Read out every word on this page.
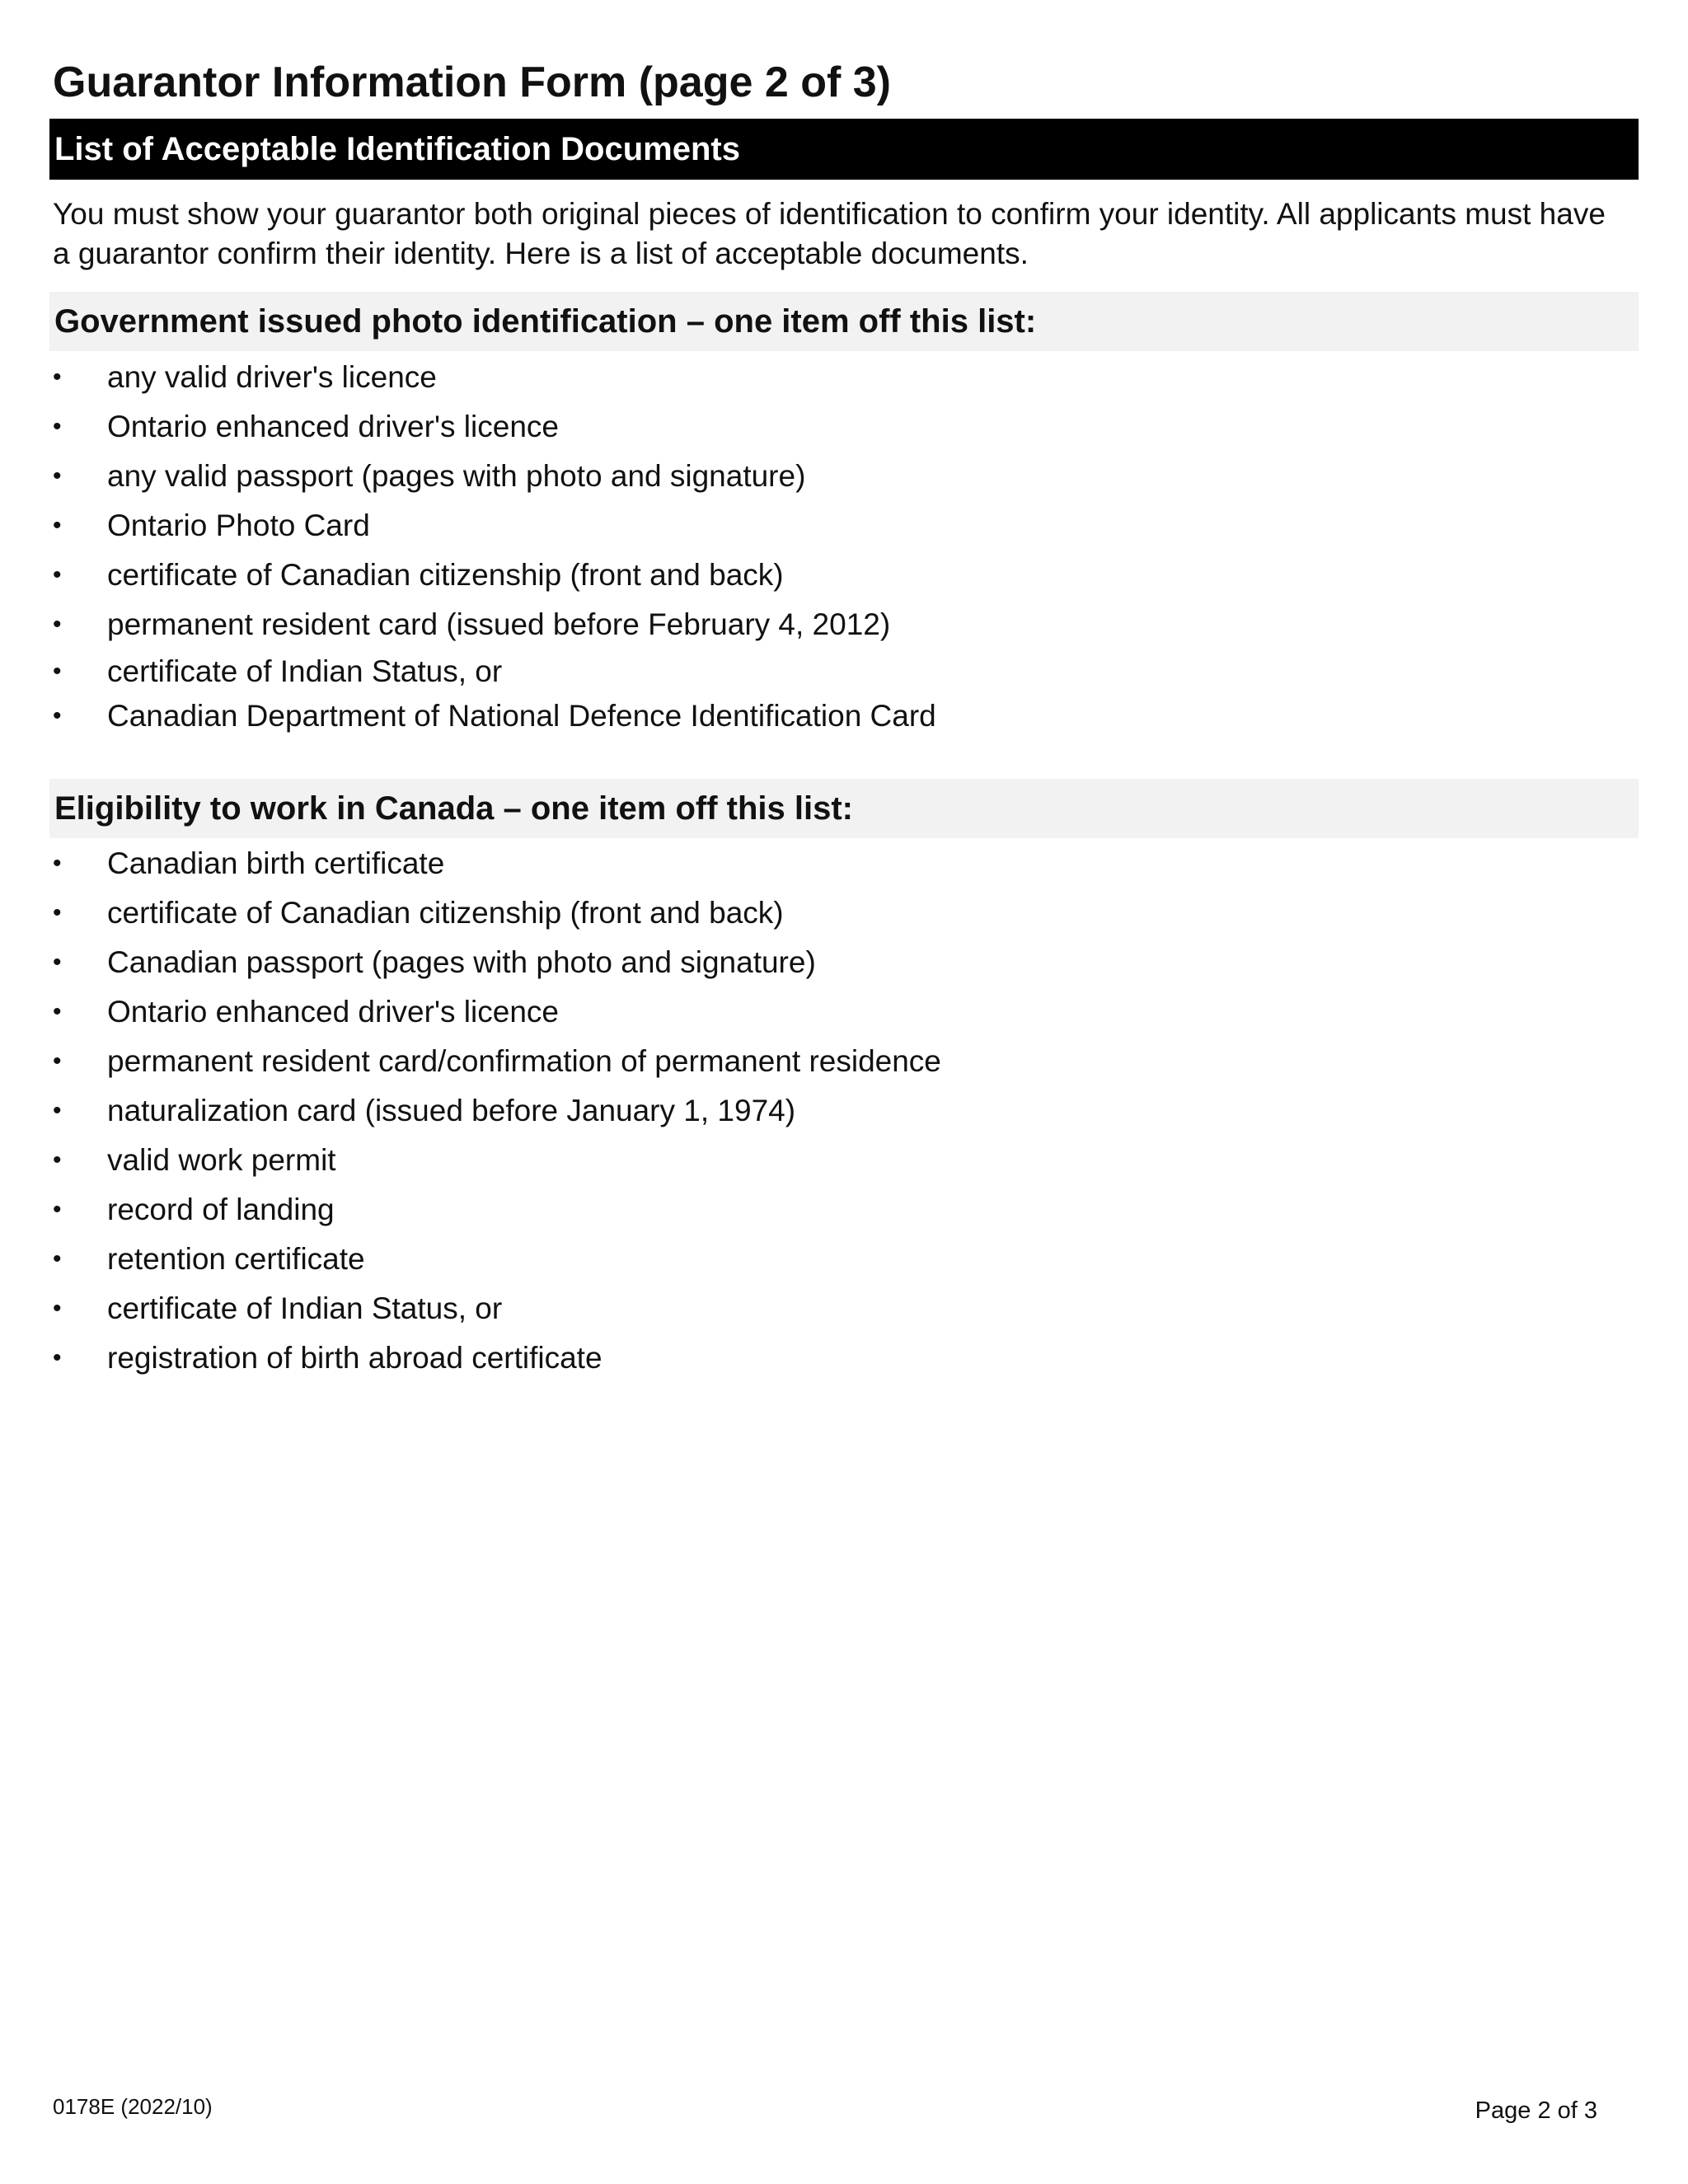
Guarantor Information Form (page 2 of 3)
List of Acceptable Identification Documents

You must show your guarantor both original pieces of identification to confirm your identity. All applicants must have a guarantor confirm their identity. Here is a list of acceptable documents.

Government issued photo identification – one item off this list:
• any valid driver's licence
• Ontario enhanced driver's licence
• any valid passport (pages with photo and signature)
• Ontario Photo Card
• certificate of Canadian citizenship (front and back)
• permanent resident card (issued before February 4, 2012)
• certificate of Indian Status, or
• Canadian Department of National Defence Identification Card
Eligibility to work in Canada – one item off this list:
• Canadian birth certificate
• certificate of Canadian citizenship (front and back)
• Canadian passport (pages with photo and signature)
• Ontario enhanced driver's licence
• permanent resident card/confirmation of permanent residence
• naturalization card (issued before January 1, 1974)
• valid work permit
• record of landing
• retention certificate
• certificate of Indian Status, or
• registration of birth abroad certificate
0178E (2022/10)	Page 2 of 3
